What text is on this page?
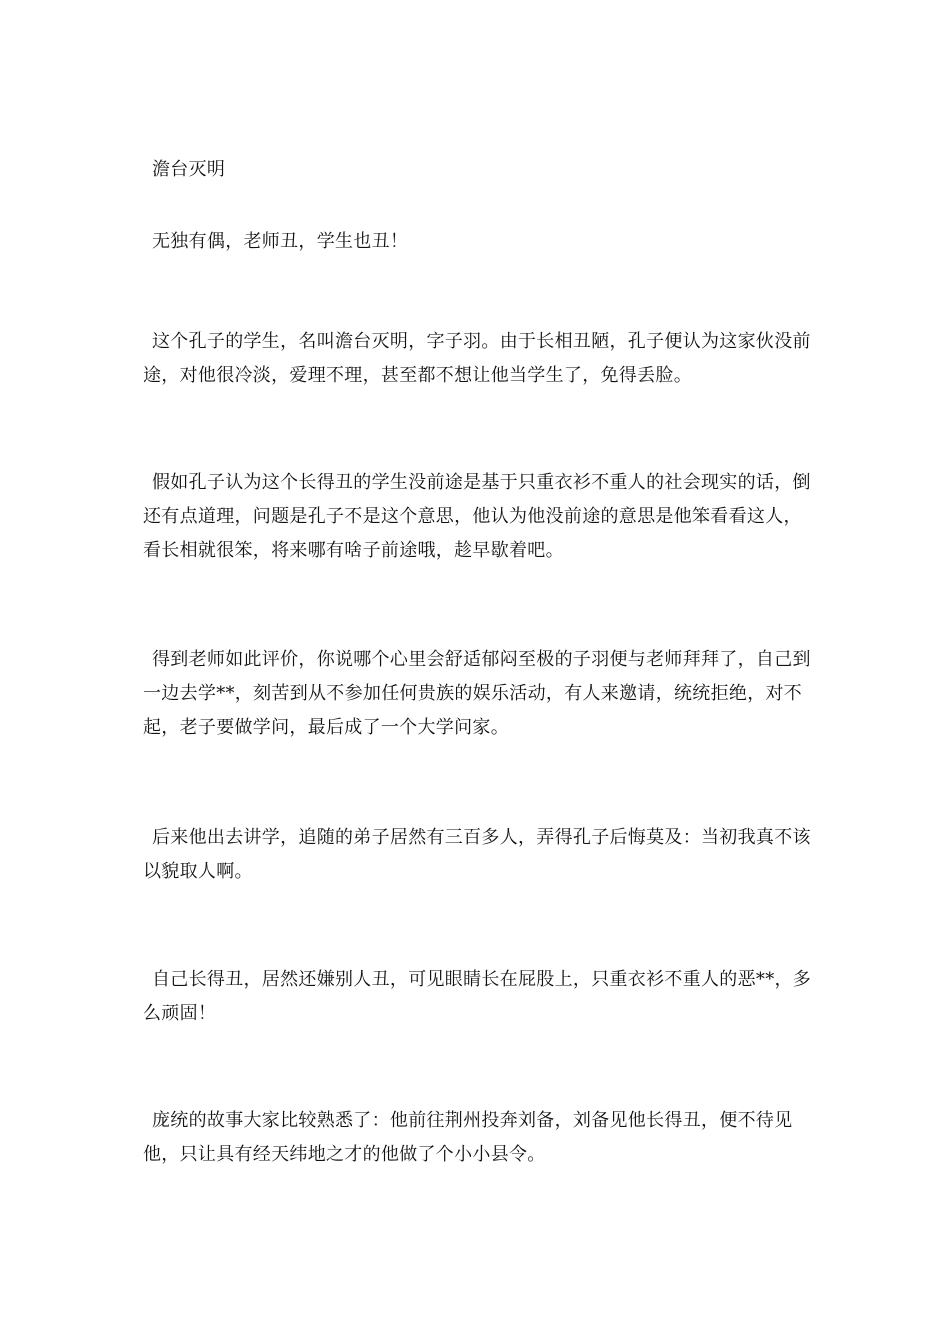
澹台灭明

无独有偶，老师丑，学生也丑！

这个孔子的学生，名叫澹台灭明，字子羽。由于长相丑陋，孔子便认为这家伙没前途，对他很冷淡，爱理不理，甚至都不想让他当学生了，免得丢脸。

假如孔子认为这个长得丑的学生没前途是基于只重衣衫不重人的社会现实的话，倒还有点道理，问题是孔子不是这个意思，他认为他没前途的意思是他笨看看这人，看长相就很笨，将来哪有啥子前途哦，趁早歇着吧。

得到老师如此评价，你说哪个心里会舒适郁闷至极的子羽便与老师拜拜了，自己到一边去学**，刻苦到从不参加任何贵族的娱乐活动，有人来邀请，统统拒绝，对不起，老子要做学问，最后成了一个大学问家。

后来他出去讲学，追随的弟子居然有三百多人，弄得孔子后悔莫及：当初我真不该以貌取人啊。

自己长得丑，居然还嫌别人丑，可见眼睛长在屁股上，只重衣衫不重人的恶**，多么顽固！

庞统的故事大家比较熟悉了：他前往荆州投奔刘备，刘备见他长得丑，便不待见他，只让具有经天纬地之才的他做了个小小县令。
